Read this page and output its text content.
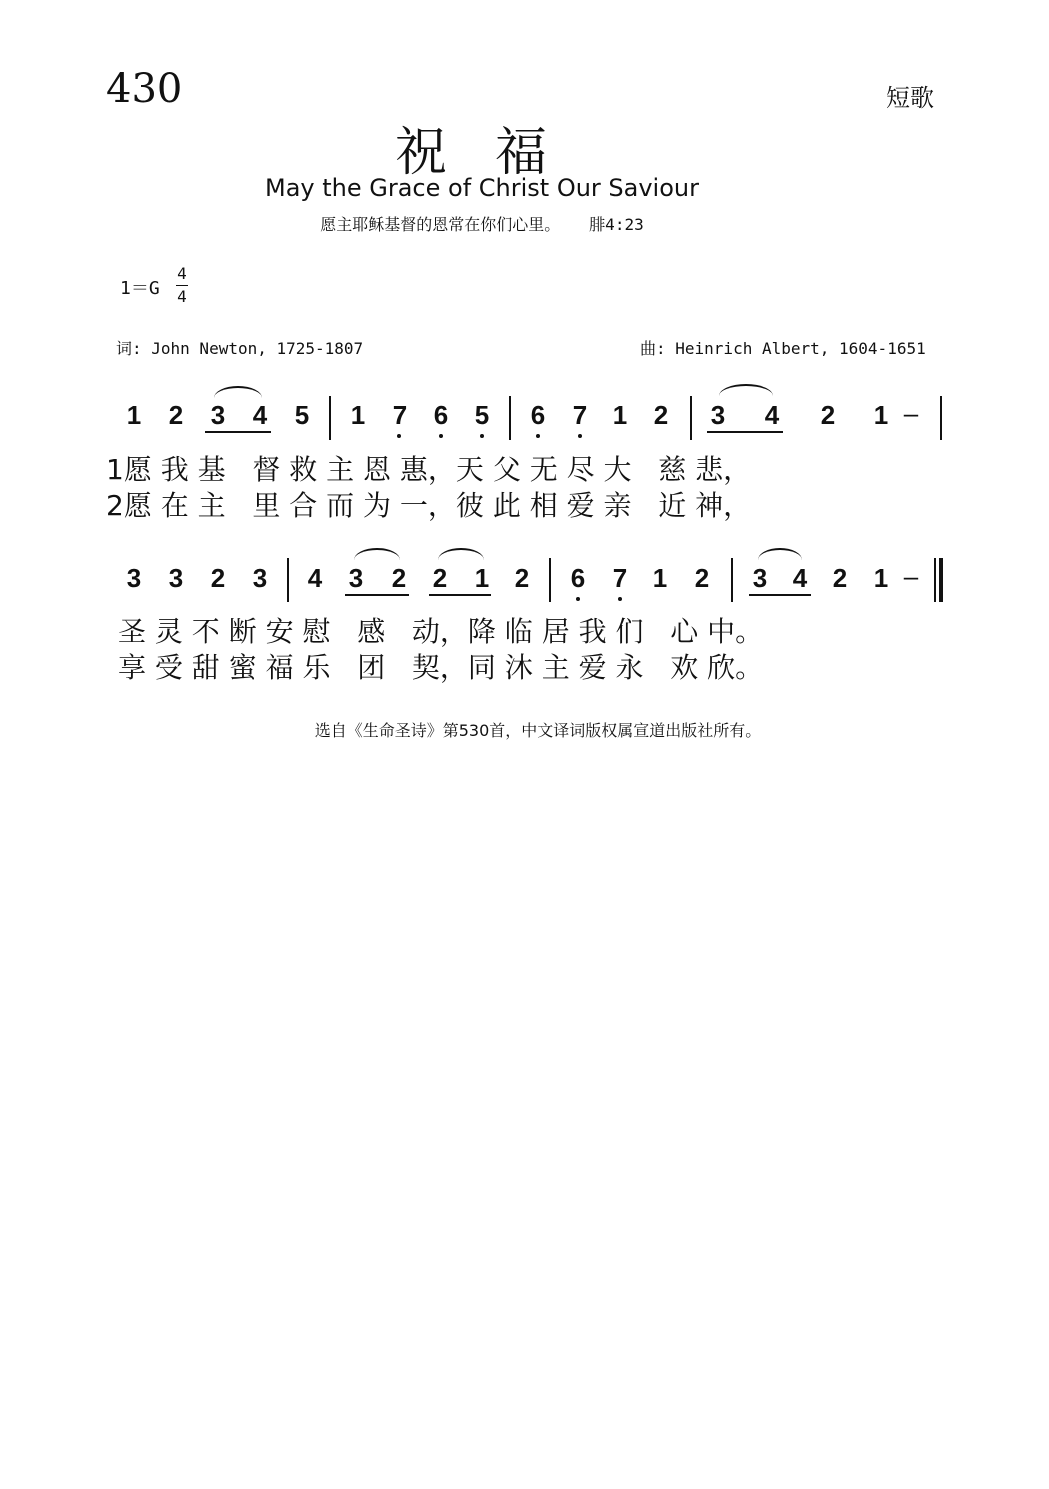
430	短歌
祝福
May the Grace of Christ Our Saviour
愿主耶稣基督的恩常在你们心里。   腓4:23
1＝G
4
4
词: John Newton, 1725-1807	曲: Heinrich Albert, 1604-1651
1 2 3 4 5 1 7 6 5 6 7 1 2 3 4 2 1 –
1愿 我 基   督 救 主 恩 惠，天 父 无 尽 大   慈 悲，
2愿 在 主   里 合 而 为 一，彼 此 相 爱 亲   近 神，
3 3 2 3 4 3 2 2 1 2 6 7 1 2 3 4 2 1 –
圣 灵 不 断 安 慰   感   动，降 临 居 我 们   心 中。
享 受 甜 蜜 福 乐   团   契，同 沐 主 爱 永   欢 欣。
选自《生命圣诗》第530首，中文译词版权属宣道出版社所有。
